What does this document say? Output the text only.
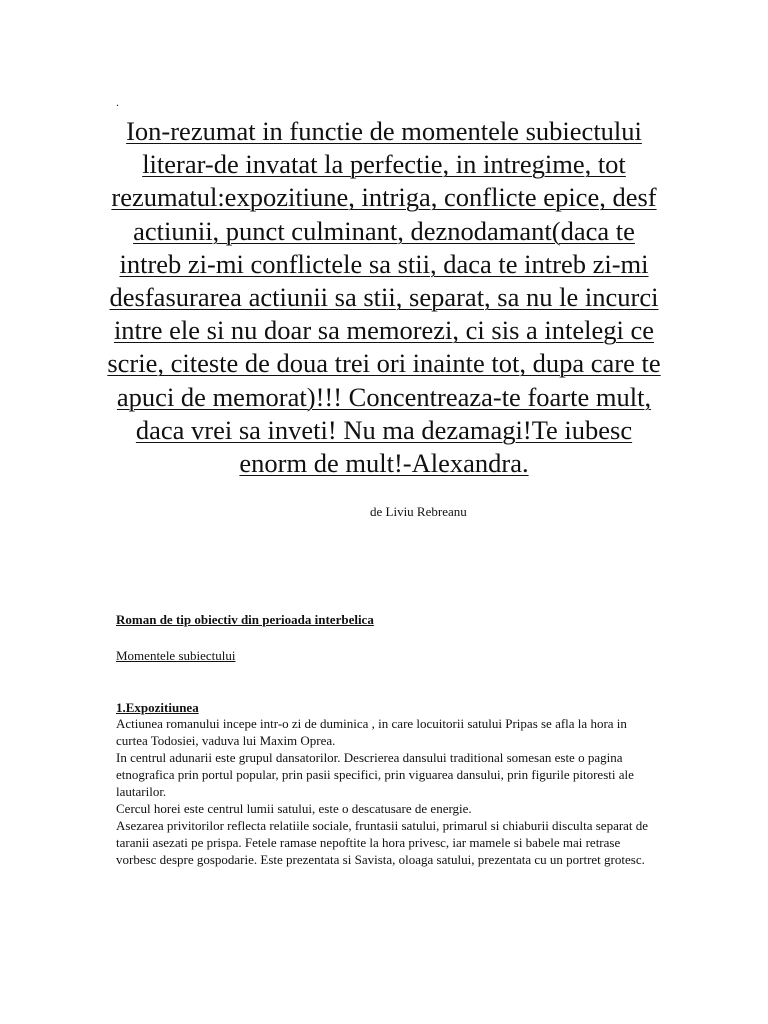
.
Ion-rezumat in functie de momentele subiectului literar-de invatat la perfectie, in intregime, tot rezumatul:expozitiune, intriga, conflicte epice, desf actiunii, punct culminant, deznodamant(daca te intreb zi-mi conflictele sa stii, daca te intreb zi-mi desfasurarea actiunii sa stii, separat, sa nu le incurci intre ele si nu doar sa memorezi, ci sis a intelegi ce scrie, citeste de doua trei ori inainte tot, dupa care te apuci de memorat)!!! Concentreaza-te foarte mult, daca vrei sa inveti! Nu ma dezamagi!Te iubesc enorm de mult!-Alexandra.
de Liviu Rebreanu
Roman de tip obiectiv din perioada interbelica
Momentele subiectului
1.Expozitiunea

Actiunea romanului incepe intr-o zi de duminica , in care locuitorii satului Pripas se afla la hora in curtea Todosiei, vaduva lui Maxim Oprea.

In centrul adunarii este grupul dansatorilor. Descrierea dansului traditional somesan este o pagina etnografica prin portul popular, prin pasii specifici, prin viguarea dansului, prin figurile pitoresti ale lautarilor.

Cercul horei este centrul lumii satului, este o descatusare de energie.

Asezarea privitorilor reflecta relatiile sociale, fruntasii satului, primarul si chiaburii disculta separat de taranii asezati pe prispa. Fetele ramase nepoftite la hora privesc, iar mamele si babele mai retrase vorbesc despre gospodarie. Este prezentata si Savista, oloaga satului, prezentata cu un portret grotesc.
